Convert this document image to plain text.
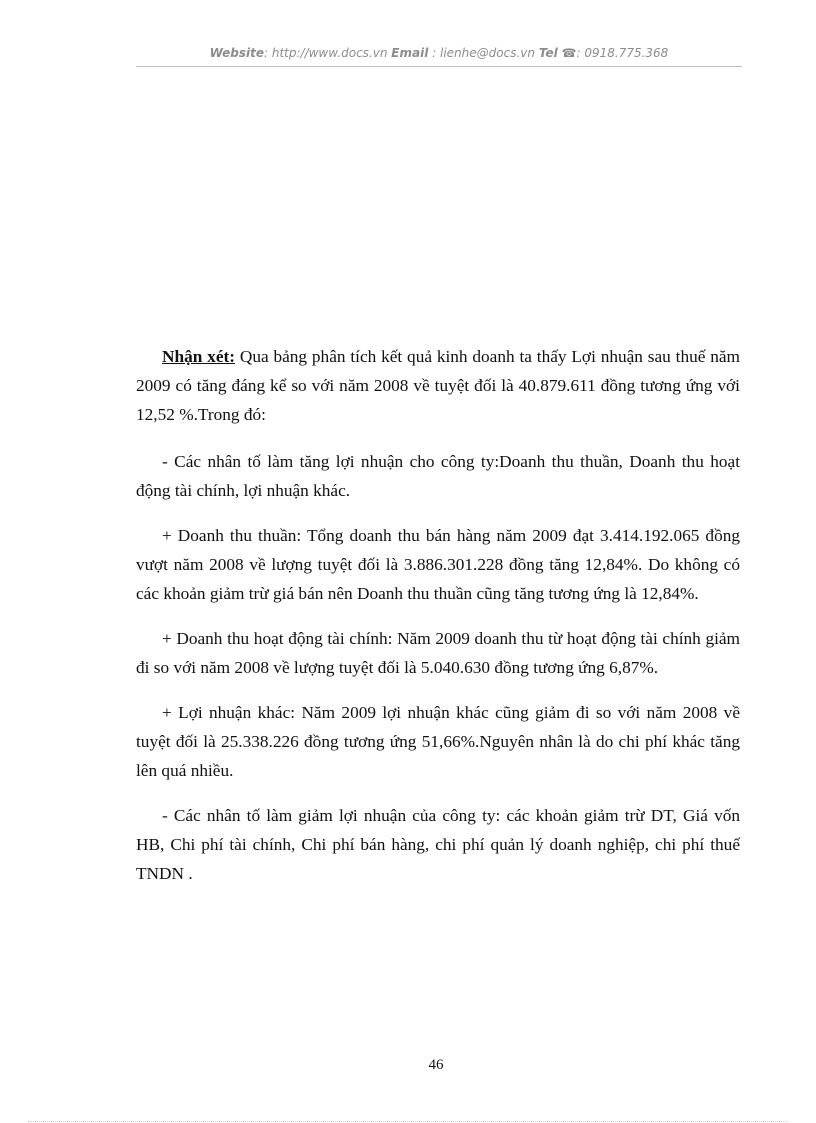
Website: http://www.docs.vn Email : lienhe@docs.vn Tel ☎: 0918.775.368

Nhận xét: Qua bảng phân tích kết quả kinh doanh ta thấy Lợi nhuận sau thuế năm 2009 có tăng đáng kể so với năm 2008 về tuyệt đối là 40.879.611 đồng tương ứng với 12,52 %.Trong đó:

- Các nhân tố làm tăng lợi nhuận cho công ty:Doanh thu thuần, Doanh thu hoạt động tài chính, lợi nhuận khác.

+ Doanh thu thuần: Tổng doanh thu bán hàng năm 2009 đạt 3.414.192.065 đồng vượt năm 2008 về lượng tuyệt đối là 3.886.301.228 đồng tăng 12,84%. Do không có các khoản giảm trừ giá bán nên Doanh thu thuần cũng tăng tương ứng là 12,84%.

+ Doanh thu hoạt động tài chính: Năm 2009 doanh thu từ hoạt động tài chính giảm đi so với năm 2008 về lượng tuyệt đối là 5.040.630 đồng tương ứng 6,87%.

+ Lợi nhuận khác: Năm 2009 lợi nhuận khác cũng giảm đi so với năm 2008 về tuyệt đối là 25.338.226 đồng tương ứng 51,66%.Nguyên nhân là do chi phí khác tăng lên quá nhiều.

- Các nhân tố làm giảm lợi nhuận của công ty: các khoản giảm trừ DT, Giá vốn HB, Chi phí tài chính, Chi phí bán hàng, chi phí quản lý doanh nghiệp, chi phí thuế TNDN .

46
